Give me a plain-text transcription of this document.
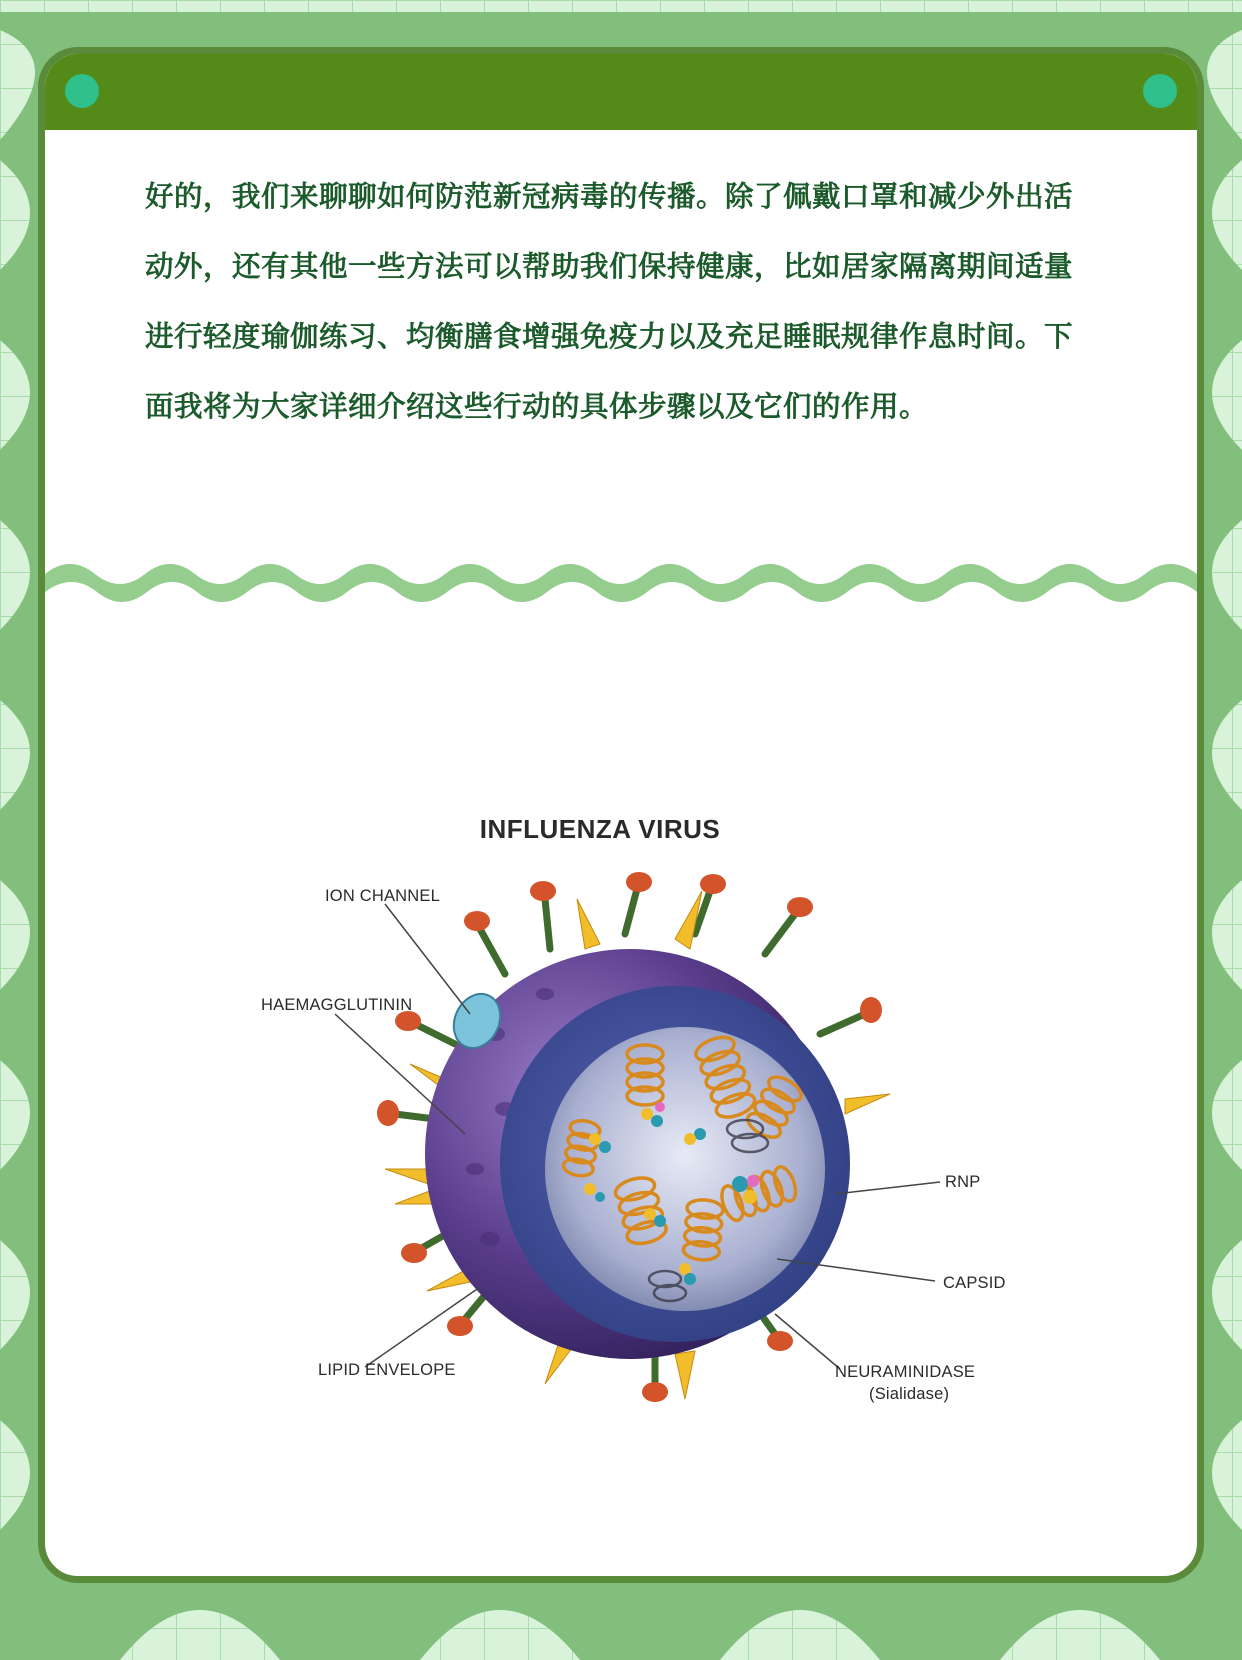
好的，我们来聊聊如何防范新冠病毒的传播。除了佩戴口罩和减少外出活动外，还有其他一些方法可以帮助我们保持健康，比如居家隔离期间适量进行轻度瑜伽练习、均衡膳食增强免疫力以及充足睡眠规律作息时间。下面我将为大家详细介绍这些行动的具体步骤以及它们的作用。

INFLUENZA VIRUS
ION CHANNEL
HAEMAGGLUTININ
LIPID ENVELOPE
RNP
CAPSID
NEURAMINIDASE
(Sialidase)
